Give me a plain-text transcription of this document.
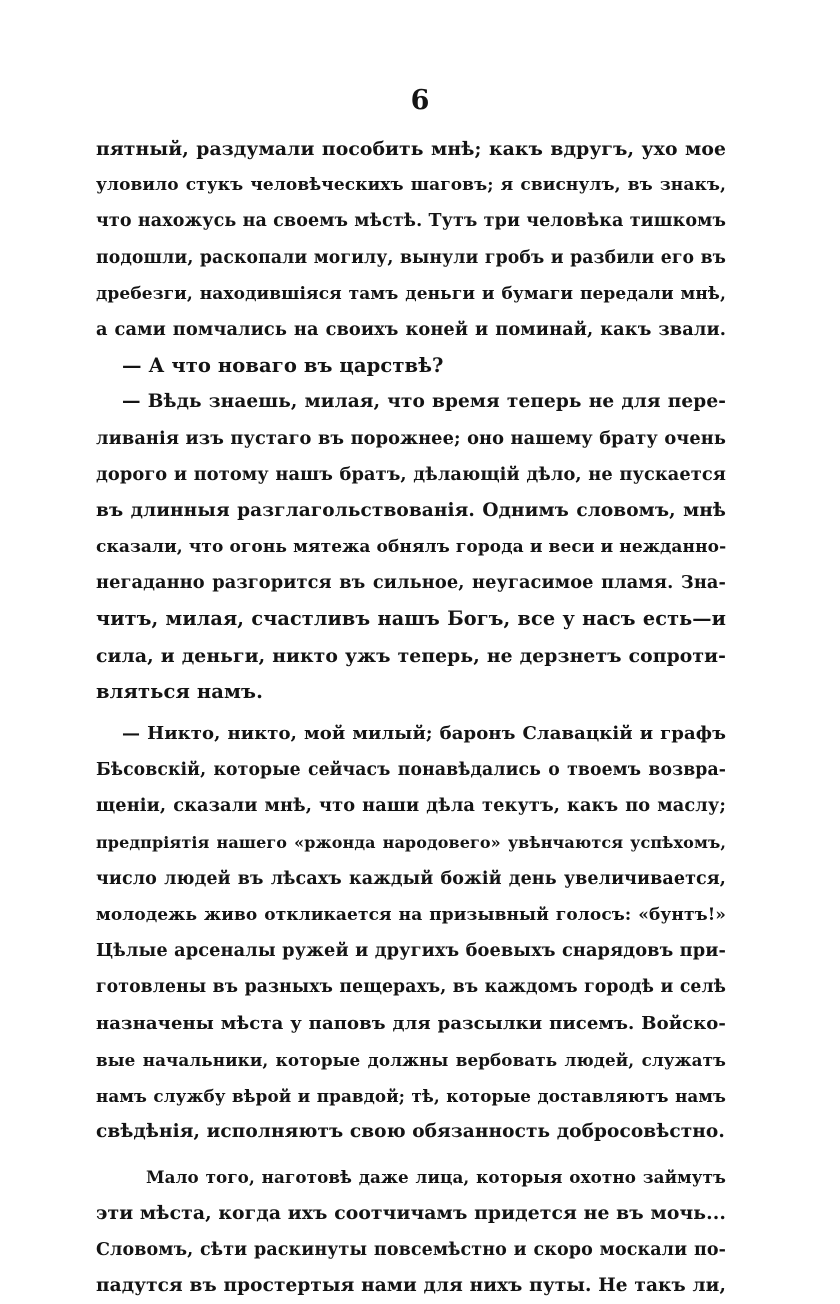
6
пятный, раздумали пособить мнѣ; какъ вдругъ, ухо мое
уловило стукъ человѣческихъ шаговъ; я свиснулъ, въ знакъ,
что нахожусь на своемъ мѣстѣ. Тутъ три человѣка тишкомъ
подошли, раскопали могилу, вынули гробъ и разбили его въ
дребезги, находившіяся тамъ деньги и бумаги передали мнѣ,
а сами помчались на своихъ коней и поминай, какъ звали.
— А что новаго въ царствѣ?
— Вѣдь знаешь, милая, что время теперь не для пере-
ливанія изъ пустаго въ порожнее; оно нашему брату очень
дорого и потому нашъ братъ, дѣлающій дѣло, не пускается
въ длинныя разглагольствованія. Однимъ словомъ, мнѣ
сказали, что огонь мятежа обнялъ города и веси и нежданно-
негаданно разгорится въ сильное, неугасимое пламя. Зна-
читъ, милая, счастливъ нашъ Богъ, все у насъ есть—и
сила, и деньги, никто ужъ теперь, не дерзнетъ сопроти-
вляться намъ.
— Никто, никто, мой милый; баронъ Славацкій и графъ
Бѣсовскій, которые сейчасъ понавѣдались о твоемъ возвра-
щеніи, сказали мнѣ, что наши дѣла текутъ, какъ по маслу;
предпріятія нашего «ржонда народовего» увѣнчаются успѣхомъ,
число людей въ лѣсахъ каждый божій день увеличивается,
молодежь живо откликается на призывный голосъ: «бунтъ!»
Цѣлые арсеналы ружей и другихъ боевыхъ снарядовъ при-
готовлены въ разныхъ пещерахъ, въ каждомъ городѣ и селѣ
назначены мѣста у паповъ для разсылки писемъ. Войско-
вые начальники, которые должны вербовать людей, служатъ
намъ службу вѣрой и правдой; тѣ, которые доставляютъ намъ
свѣдѣнія, исполняютъ свою обязанность добросовѣстно.
Мало того, наготовѣ даже лица, которыя охотно займутъ
эти мѣста, когда ихъ соотчичамъ придется не въ мочь...
Словомъ, сѣти раскинуты повсемѣстно и скоро москали по-
падутся въ простертыя нами для нихъ путы. Не такъ ли,
